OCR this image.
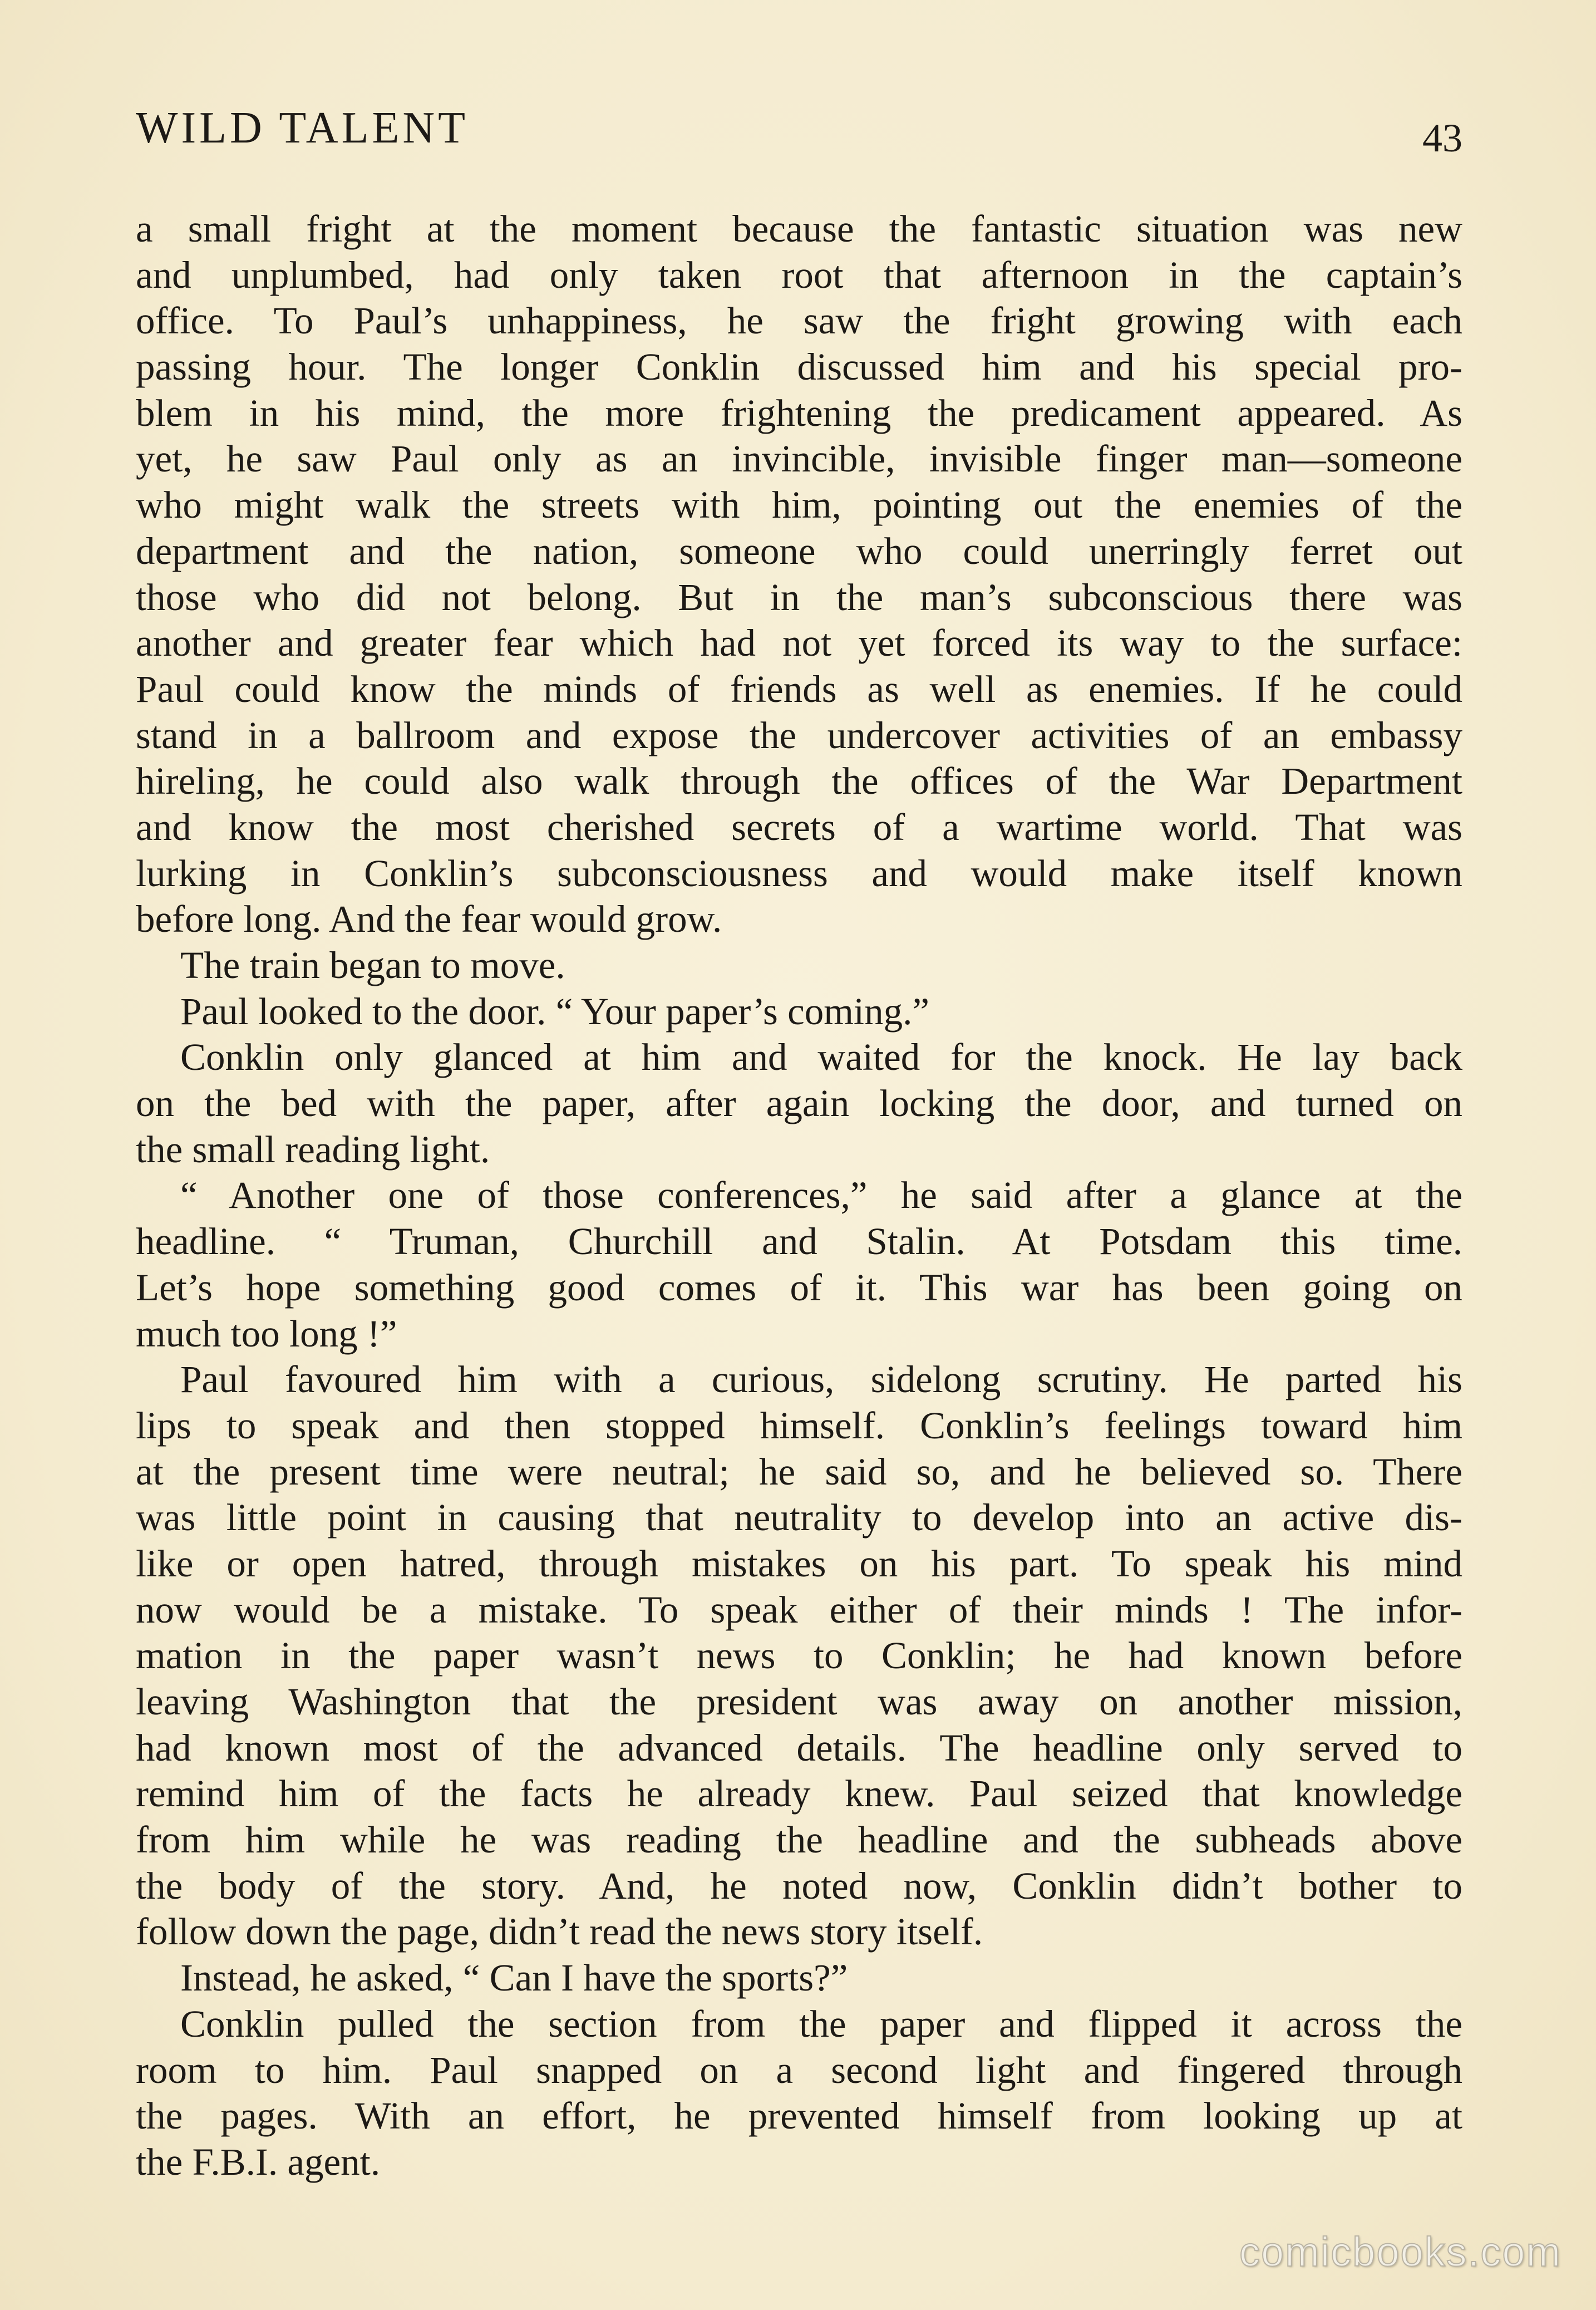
WILD TALENT	43
a small fright at the moment because the fantastic situation was new
and unplumbed, had only taken root that afternoon in the captain’s
office. To Paul’s unhappiness, he saw the fright growing with each
passing hour. The longer Conklin discussed him and his special pro-
blem in his mind, the more frightening the predicament appeared. As
yet, he saw Paul only as an invincible, invisible finger man—someone
who might walk the streets with him, pointing out the enemies of the
department and the nation, someone who could unerringly ferret out
those who did not belong. But in the man’s subconscious there was
another and greater fear which had not yet forced its way to the surface:
Paul could know the minds of friends as well as enemies. If he could
stand in a ballroom and expose the undercover activities of an embassy
hireling, he could also walk through the offices of the War Department
and know the most cherished secrets of a wartime world. That was
lurking in Conklin’s subconsciousness and would make itself known
before long. And the fear would grow.
The train began to move.
Paul looked to the door. “ Your paper’s coming.”
Conklin only glanced at him and waited for the knock. He lay back
on the bed with the paper, after again locking the door, and turned on
the small reading light.
“ Another one of those conferences,” he said after a glance at the
headline. “ Truman, Churchill and Stalin. At Potsdam this time.
Let’s hope something good comes of it. This war has been going on
much too long !”
Paul favoured him with a curious, sidelong scrutiny. He parted his
lips to speak and then stopped himself. Conklin’s feelings toward him
at the present time were neutral; he said so, and he believed so. There
was little point in causing that neutrality to develop into an active dis-
like or open hatred, through mistakes on his part. To speak his mind
now would be a mistake. To speak either of their minds ! The infor-
mation in the paper wasn’t news to Conklin; he had known before
leaving Washington that the president was away on another mission,
had known most of the advanced details. The headline only served to
remind him of the facts he already knew. Paul seized that knowledge
from him while he was reading the headline and the subheads above
the body of the story. And, he noted now, Conklin didn’t bother to
follow down the page, didn’t read the news story itself.
Instead, he asked, “ Can I have the sports?”
Conklin pulled the section from the paper and flipped it across the
room to him. Paul snapped on a second light and fingered through
the pages. With an effort, he prevented himself from looking up at
the F.B.I. agent.
comicbooks.com
